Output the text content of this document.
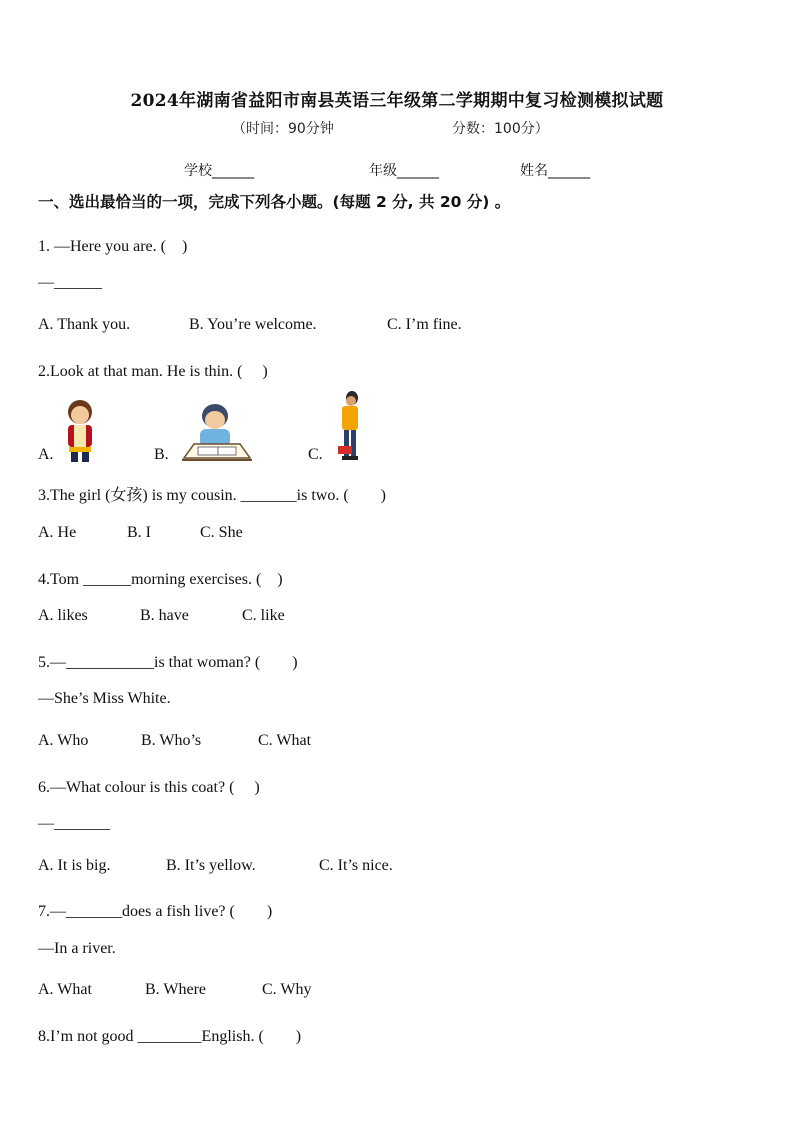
2024年湖南省益阳市南县英语三年级第二学期期中复习检测模拟试题
（时间：90分钟	分数：100分）
学校______	年级______	姓名______
一、选出最恰当的一项，完成下列各小题。(每题 2 分, 共 20 分) 。
1. —Here you are. (　)
—______
A. Thank you.	B. You’re welcome.	C. I’m fine.
2.Look at that man. He is thin. (　 )
A.	B.	C.
3.The girl (女孩) is my cousin. _______is two. (　　)
A. He	B. I	C. She
4.Tom ______morning exercises. (　)
A. likes	B. have	C. like
5.—___________is that woman? (　　)
—She’s Miss White.
A. Who	B. Who’s	C. What
6.—What colour is this coat? (　 )
—_______
A. It is big.	B. It’s yellow.	C. It’s nice.
7.—_______does a fish live? (　　)
—In a river.
A. What	B. Where	C. Why
8.I’m not good ________English. (　　)
